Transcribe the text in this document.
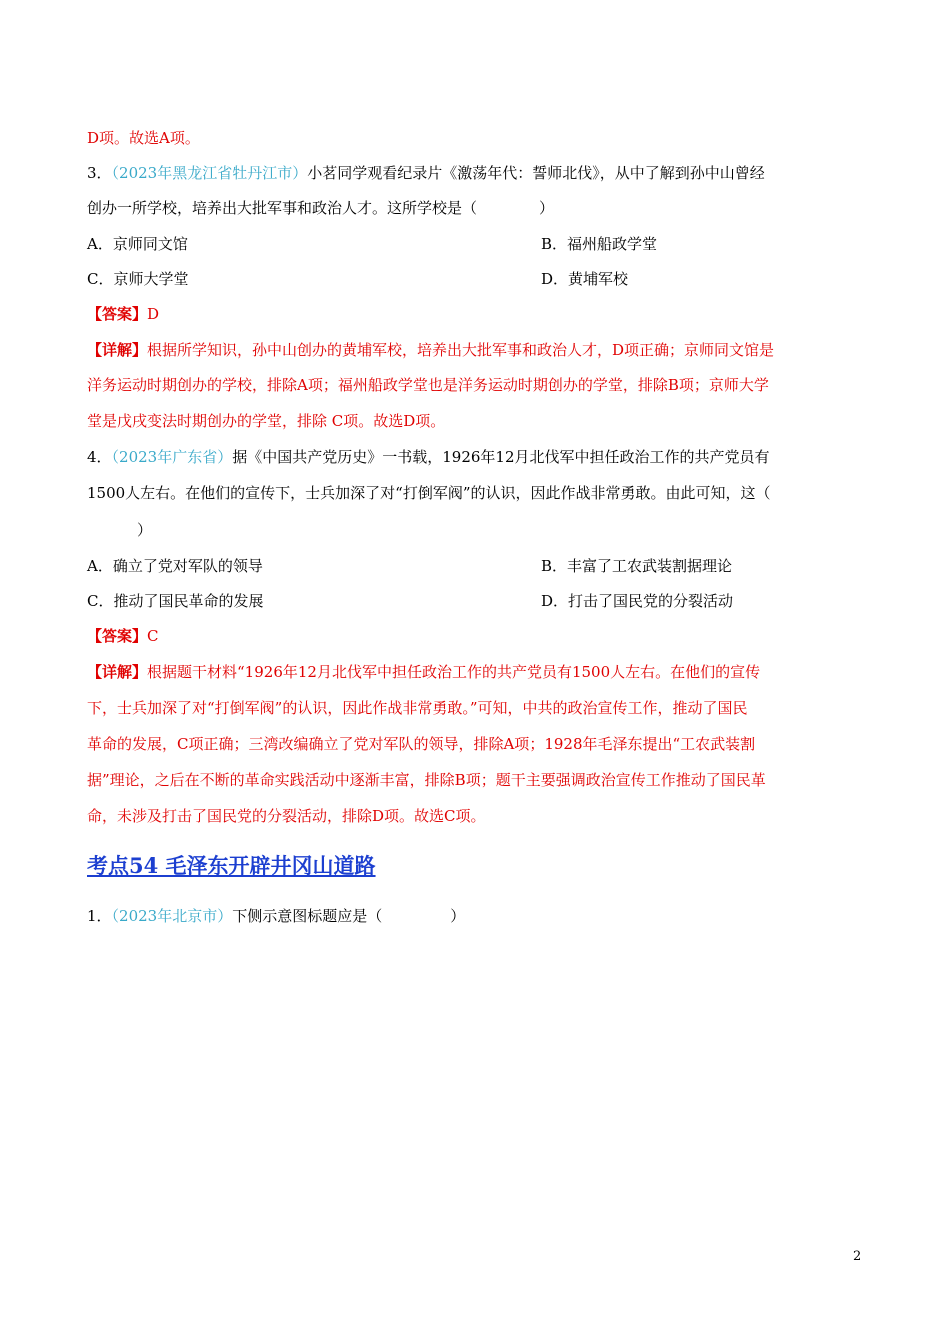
D项。故选A项。
3．（2023年黑龙江省牡丹江市）小茗同学观看纪录片《激荡年代：誓师北伐》，从中了解到孙中山曾经
创办一所学校，培养出大批军事和政治人才。这所学校是（	）
A．京师同文馆	B．福州船政学堂
C．京师大学堂	D．黄埔军校
【答案】D
【详解】根据所学知识，孙中山创办的黄埔军校，培养出大批军事和政治人才，D项正确；京师同文馆是
洋务运动时期创办的学校，排除A项；福州船政学堂也是洋务运动时期创办的学堂，排除B项；京师大学
堂是戊戌变法时期创办的学堂，排除 C项。故选D项。
4．（2023年广东省）据《中国共产党历史》一书载，1926年12月北伐军中担任政治工作的共产党员有
1500人左右。在他们的宣传下，士兵加深了对“打倒军阀”的认识，因此作战非常勇敢。由此可知，这（
）
A．确立了党对军队的领导	B．丰富了工农武装割据理论
C．推动了国民革命的发展	D．打击了国民党的分裂活动
【答案】C
【详解】根据题干材料“1926年12月北伐军中担任政治工作的共产党员有1500人左右。在他们的宣传
下，士兵加深了对“打倒军阀”的认识，因此作战非常勇敢。”可知，中共的政治宣传工作，推动了国民
革命的发展，C项正确；三湾改编确立了党对军队的领导，排除A项；1928年毛泽东提出“工农武装割
据”理论，之后在不断的革命实践活动中逐渐丰富，排除B项；题干主要强调政治宣传工作推动了国民革
命，未涉及打击了国民党的分裂活动，排除D项。故选C项。
考点54 毛泽东开辟井冈山道路
1．（2023年北京市）下侧示意图标题应是（	）
2
